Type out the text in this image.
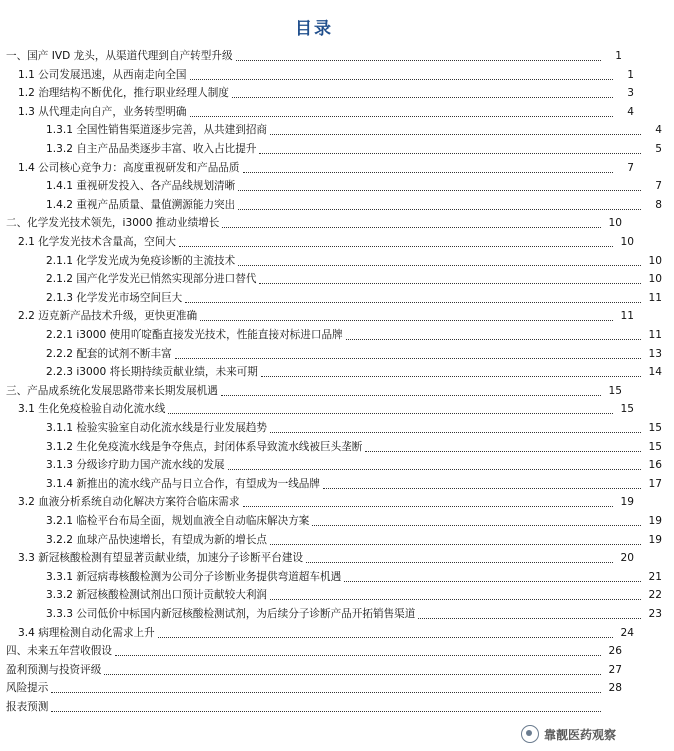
目录
一、国产 IVD 龙头，从渠道代理到自产转型升级	1
1.1 公司发展迅速，从西南走向全国	1
1.2 治理结构不断优化，推行职业经理人制度	3
1.3 从代理走向自产，业务转型明确	4
1.3.1 全国性销售渠道逐步完善，从共建到招商	4
1.3.2 自主产品品类逐步丰富、收入占比提升	5
1.4 公司核心竞争力：高度重视研发和产品品质	7
1.4.1 重视研发投入、各产品线规划清晰	7
1.4.2 重视产品质量、量值溯源能力突出	8
二、化学发光技术领先，i3000 推动业绩增长	10
2.1 化学发光技术含量高，空间大	10
2.1.1 化学发光成为免疫诊断的主流技术	10
2.1.2 国产化学发光已悄然实现部分进口替代	10
2.1.3 化学发光市场空间巨大	11
2.2 迈克新产品技术升级，更快更准确	11
2.2.1 i3000 使用吖啶酯直接发光技术，性能直接对标进口品牌	11
2.2.2 配套的试剂不断丰富	13
2.2.3 i3000 将长期持续贡献业绩，未来可期	14
三、产品成系统化发展思路带来长期发展机遇	15
3.1 生化免疫检验自动化流水线	15
3.1.1 检验实验室自动化流水线是行业发展趋势	15
3.1.2 生化免疫流水线是争夺焦点，封闭体系导致流水线被巨头垄断	15
3.1.3 分级诊疗助力国产流水线的发展	16
3.1.4 新推出的流水线产品与日立合作，有望成为一线品牌	17
3.2 血液分析系统自动化解决方案符合临床需求	19
3.2.1 临检平台布局全面，规划血液全自动临床解决方案	19
3.2.2 血球产品快速增长，有望成为新的增长点	19
3.3 新冠核酸检测有望显著贡献业绩，加速分子诊断平台建设	20
3.3.1 新冠病毒核酸检测为公司分子诊断业务提供弯道超车机遇	21
3.3.2 新冠核酸检测试剂出口预计贡献较大利润	22
3.3.3 公司低价中标国内新冠核酸检测试剂，为后续分子诊断产品开拓销售渠道	23
3.4 病理检测自动化需求上升	24
四、未来五年营收假设	26
盈利预测与投资评级	27
风险提示	28
报表预测
靠靓医药观察
